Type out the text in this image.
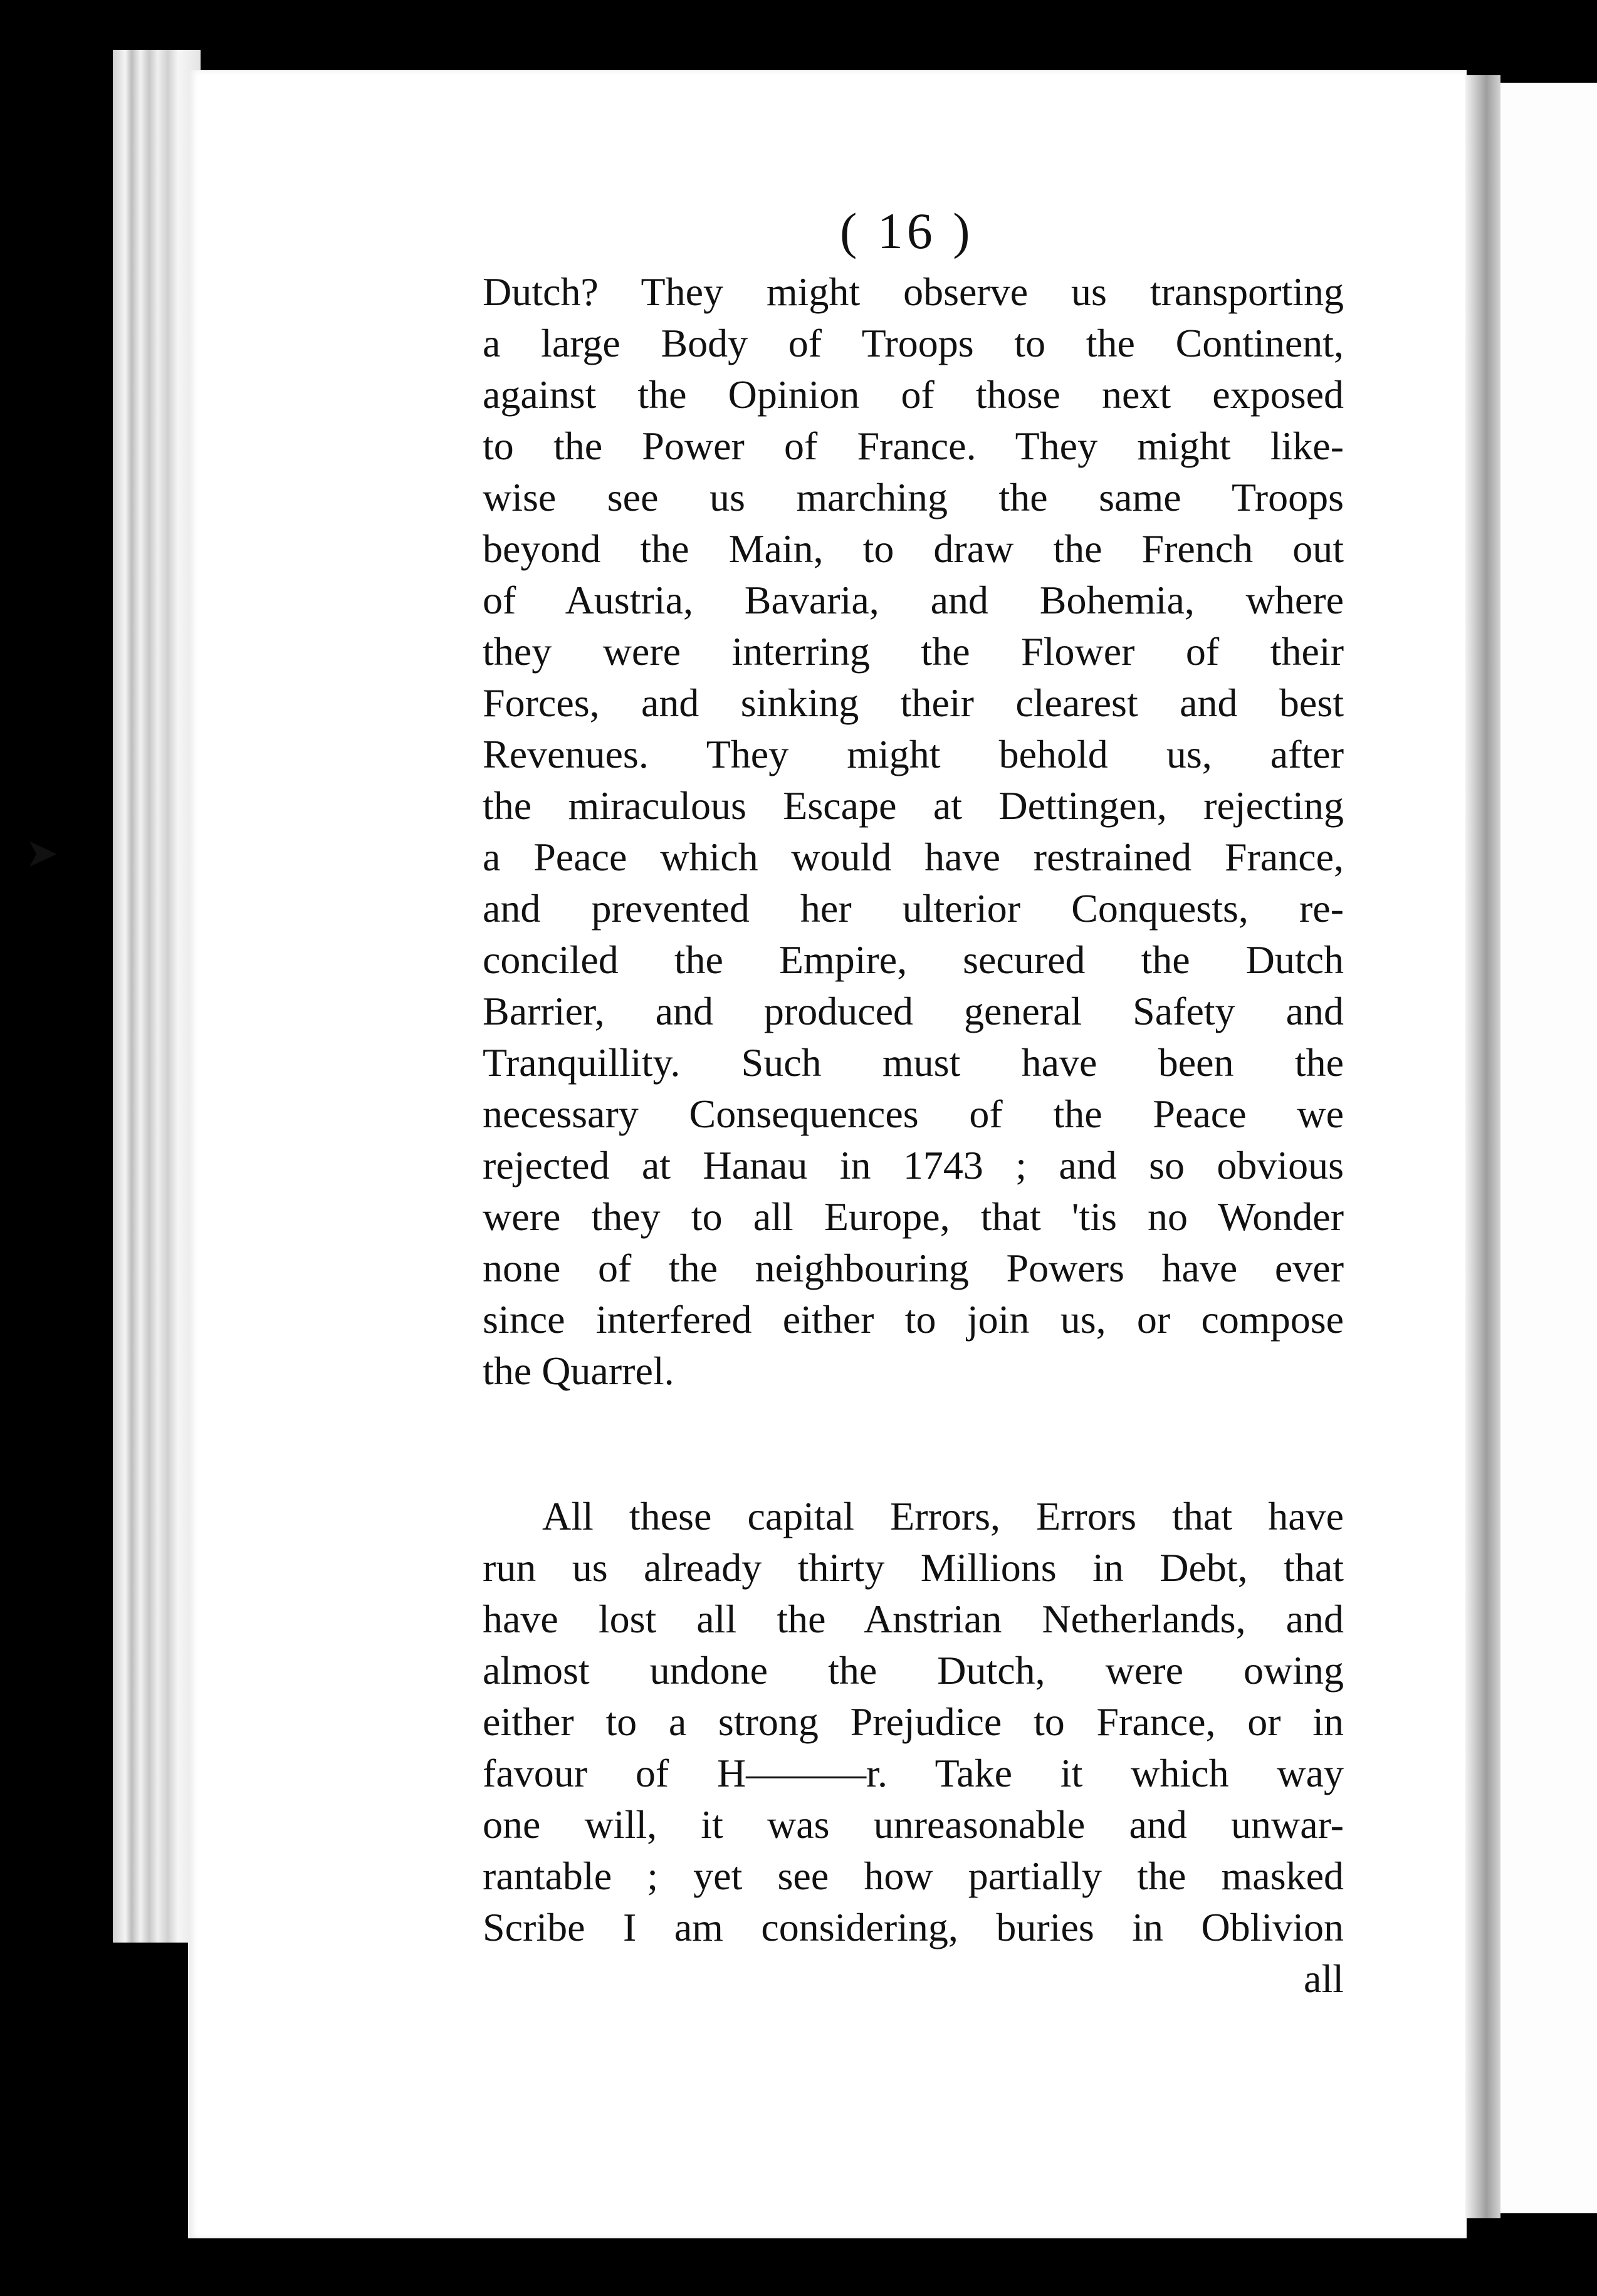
➤
( 16 )
Dutch? They might observe us transporting
a large Body of Troops to the Continent,
against the Opinion of those next exposed
to the Power of France. They might like-
wise see us marching the same Troops
beyond the Main, to draw the French out
of Austria, Bavaria, and Bohemia, where
they were interring the Flower of their
Forces, and sinking their clearest and best
Revenues. They might behold us, after
the miraculous Escape at Dettingen, rejecting
a Peace which would have restrained France,
and prevented her ulterior Conquests, re-
conciled the Empire, secured the Dutch
Barrier, and produced general Safety and
Tranquillity. Such must have been the
necessary Consequences of the Peace we
rejected at Hanau in 1743 ; and so obvious
were they to all Europe, that 'tis no Wonder
none of the neighbouring Powers have ever
since interfered either to join us, or compose
the Quarrel.
All these capital Errors, Errors that have
run us already thirty Millions in Debt, that
have lost all the Anstrian Netherlands, and
almost undone the Dutch, were owing
either to a strong Prejudice to France, or in
favour of H———r. Take it which way
one will, it was unreasonable and unwar-
rantable ; yet see how partially the masked
Scribe I am considering, buries in Oblivion
all
